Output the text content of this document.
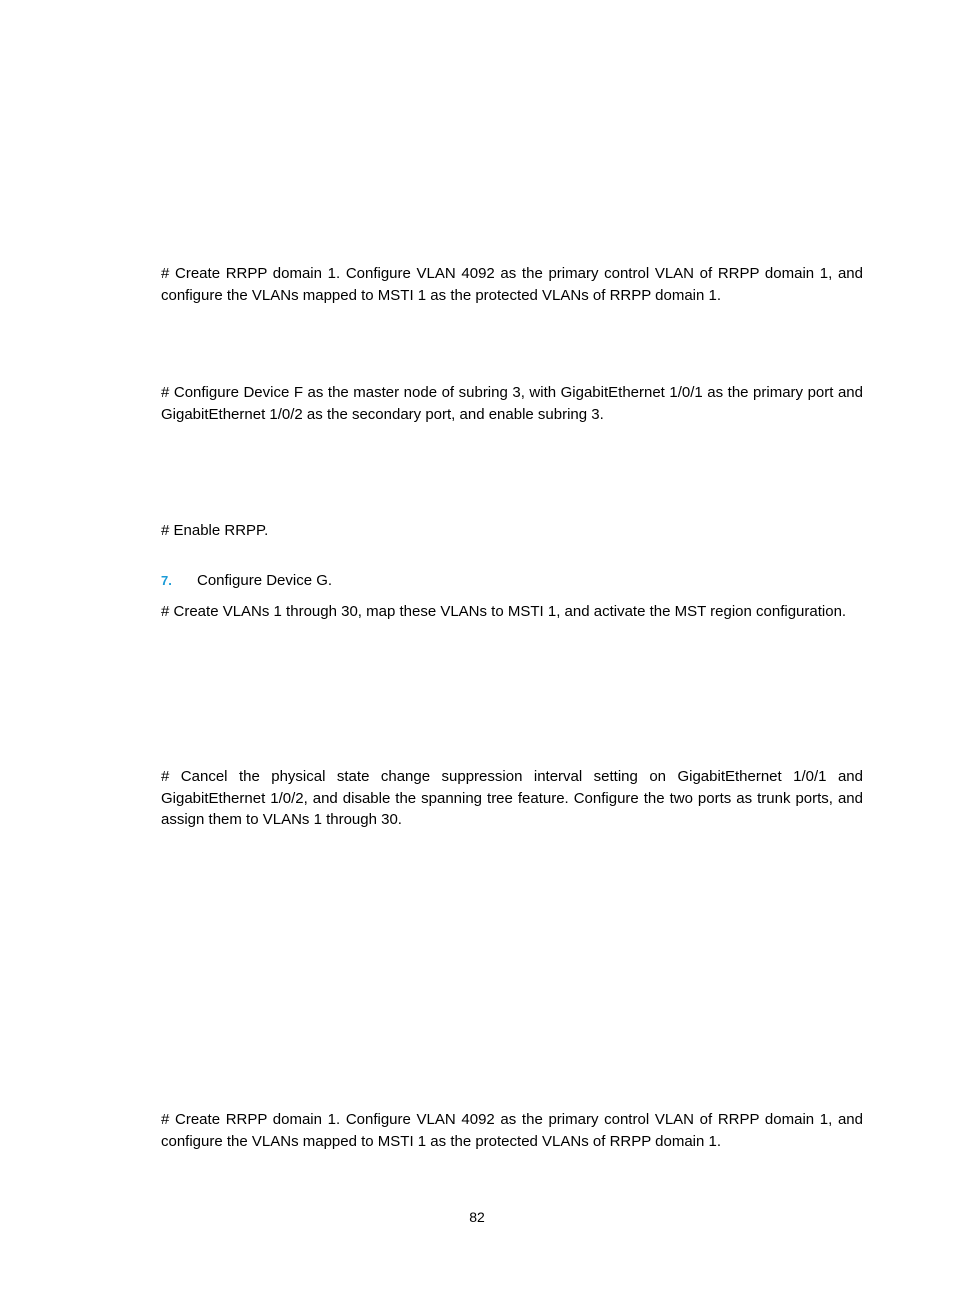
# Create RRPP domain 1. Configure VLAN 4092 as the primary control VLAN of RRPP domain 1, and configure the VLANs mapped to MSTI 1 as the protected VLANs of RRPP domain 1.

# Configure Device F as the master node of subring 3, with GigabitEthernet 1/0/1 as the primary port and GigabitEthernet 1/0/2 as the secondary port, and enable subring 3.

# Enable RRPP.

7. Configure Device G.

# Create VLANs 1 through 30, map these VLANs to MSTI 1, and activate the MST region configuration.

# Cancel the physical state change suppression interval setting on GigabitEthernet 1/0/1 and GigabitEthernet 1/0/2, and disable the spanning tree feature. Configure the two ports as trunk ports, and assign them to VLANs 1 through 30.

# Create RRPP domain 1. Configure VLAN 4092 as the primary control VLAN of RRPP domain 1, and configure the VLANs mapped to MSTI 1 as the protected VLANs of RRPP domain 1.

82
